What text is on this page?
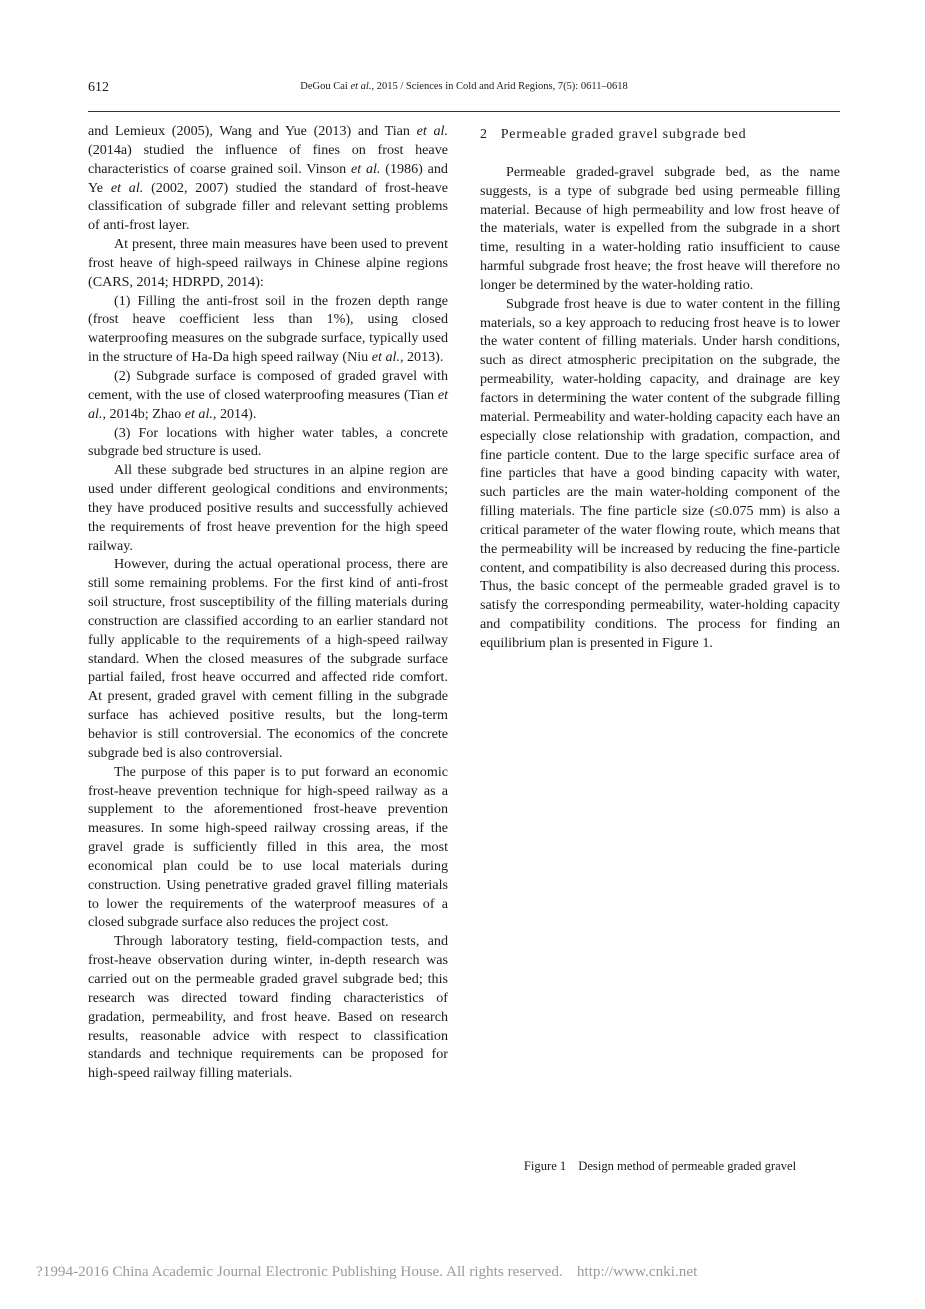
612	DeGou Cai et al., 2015 / Sciences in Cold and Arid Regions, 7(5): 0611–0618

and Lemieux (2005), Wang and Yue (2013) and Tian et al. (2014a) studied the influence of fines on frost heave characteristics of coarse grained soil. Vinson et al. (1986) and Ye et al. (2002, 2007) studied the standard of frost-heave classification of subgrade filler and relevant setting problems of anti-frost layer.

At present, three main measures have been used to prevent frost heave of high-speed railways in Chinese alpine regions (CARS, 2014; HDRPD, 2014):

(1) Filling the anti-frost soil in the frozen depth range (frost heave coefficient less than 1%), using closed waterproofing measures on the subgrade surface, typically used in the structure of Ha-Da high speed railway (Niu et al., 2013).

(2) Subgrade surface is composed of graded gravel with cement, with the use of closed waterproofing measures (Tian et al., 2014b; Zhao et al., 2014).

(3) For locations with higher water tables, a concrete subgrade bed structure is used.

All these subgrade bed structures in an alpine region are used under different geological conditions and environments; they have produced positive results and successfully achieved the requirements of frost heave prevention for the high speed railway.

However, during the actual operational process, there are still some remaining problems. For the first kind of anti-frost soil structure, frost susceptibility of the filling materials during construction are classified according to an earlier standard not fully applicable to the requirements of a high-speed railway standard. When the closed measures of the subgrade surface partial failed, frost heave occurred and affected ride comfort. At present, graded gravel with cement filling in the subgrade surface has achieved positive results, but the long-term behavior is still controversial. The economics of the concrete subgrade bed is also controversial.

The purpose of this paper is to put forward an economic frost-heave prevention technique for high-speed railway as a supplement to the aforementioned frost-heave prevention measures. In some high-speed railway crossing areas, if the gravel grade is sufficiently filled in this area, the most economical plan could be to use local materials during construction. Using penetrative graded gravel filling materials to lower the requirements of the waterproof measures of a closed subgrade surface also reduces the project cost.

Through laboratory testing, field-compaction tests, and frost-heave observation during winter, in-depth research was carried out on the permeable graded gravel subgrade bed; this research was directed toward finding characteristics of gradation, permeability, and frost heave. Based on research results, reasonable advice with respect to classification standards and technique requirements can be proposed for high-speed railway filling materials.

2 Permeable graded gravel subgrade bed

Permeable graded-gravel subgrade bed, as the name suggests, is a type of subgrade bed using permeable filling material. Because of high permeability and low frost heave of the materials, water is expelled from the subgrade in a short time, resulting in a water-holding ratio insufficient to cause harmful subgrade frost heave; the frost heave will therefore no longer be determined by the water-holding ratio.

Subgrade frost heave is due to water content in the filling materials, so a key approach to reducing frost heave is to lower the water content of filling materials. Under harsh conditions, such as direct atmospheric precipitation on the subgrade, the permeability, water-holding capacity, and drainage are key factors in determining the water content of the subgrade filling material. Permeability and water-holding capacity each have an especially close relationship with gradation, compaction, and fine particle content. Due to the large specific surface area of fine particles that have a good binding capacity with water, such particles are the main water-holding component of the filling materials. The fine particle size (≤0.075 mm) is also a critical parameter of the water flowing route, which means that the permeability will be increased by reducing the fine-particle content, and compatibility is also decreased during this process. Thus, the basic concept of the permeable graded gravel is to satisfy the corresponding permeability, water-holding capacity and compatibility conditions. The process for finding an equilibrium plan is presented in Figure 1.

Figure 1 Design method of permeable graded gravel
?1994-2016 China Academic Journal Electronic Publishing House. All rights reserved. http://www.cnki.net
